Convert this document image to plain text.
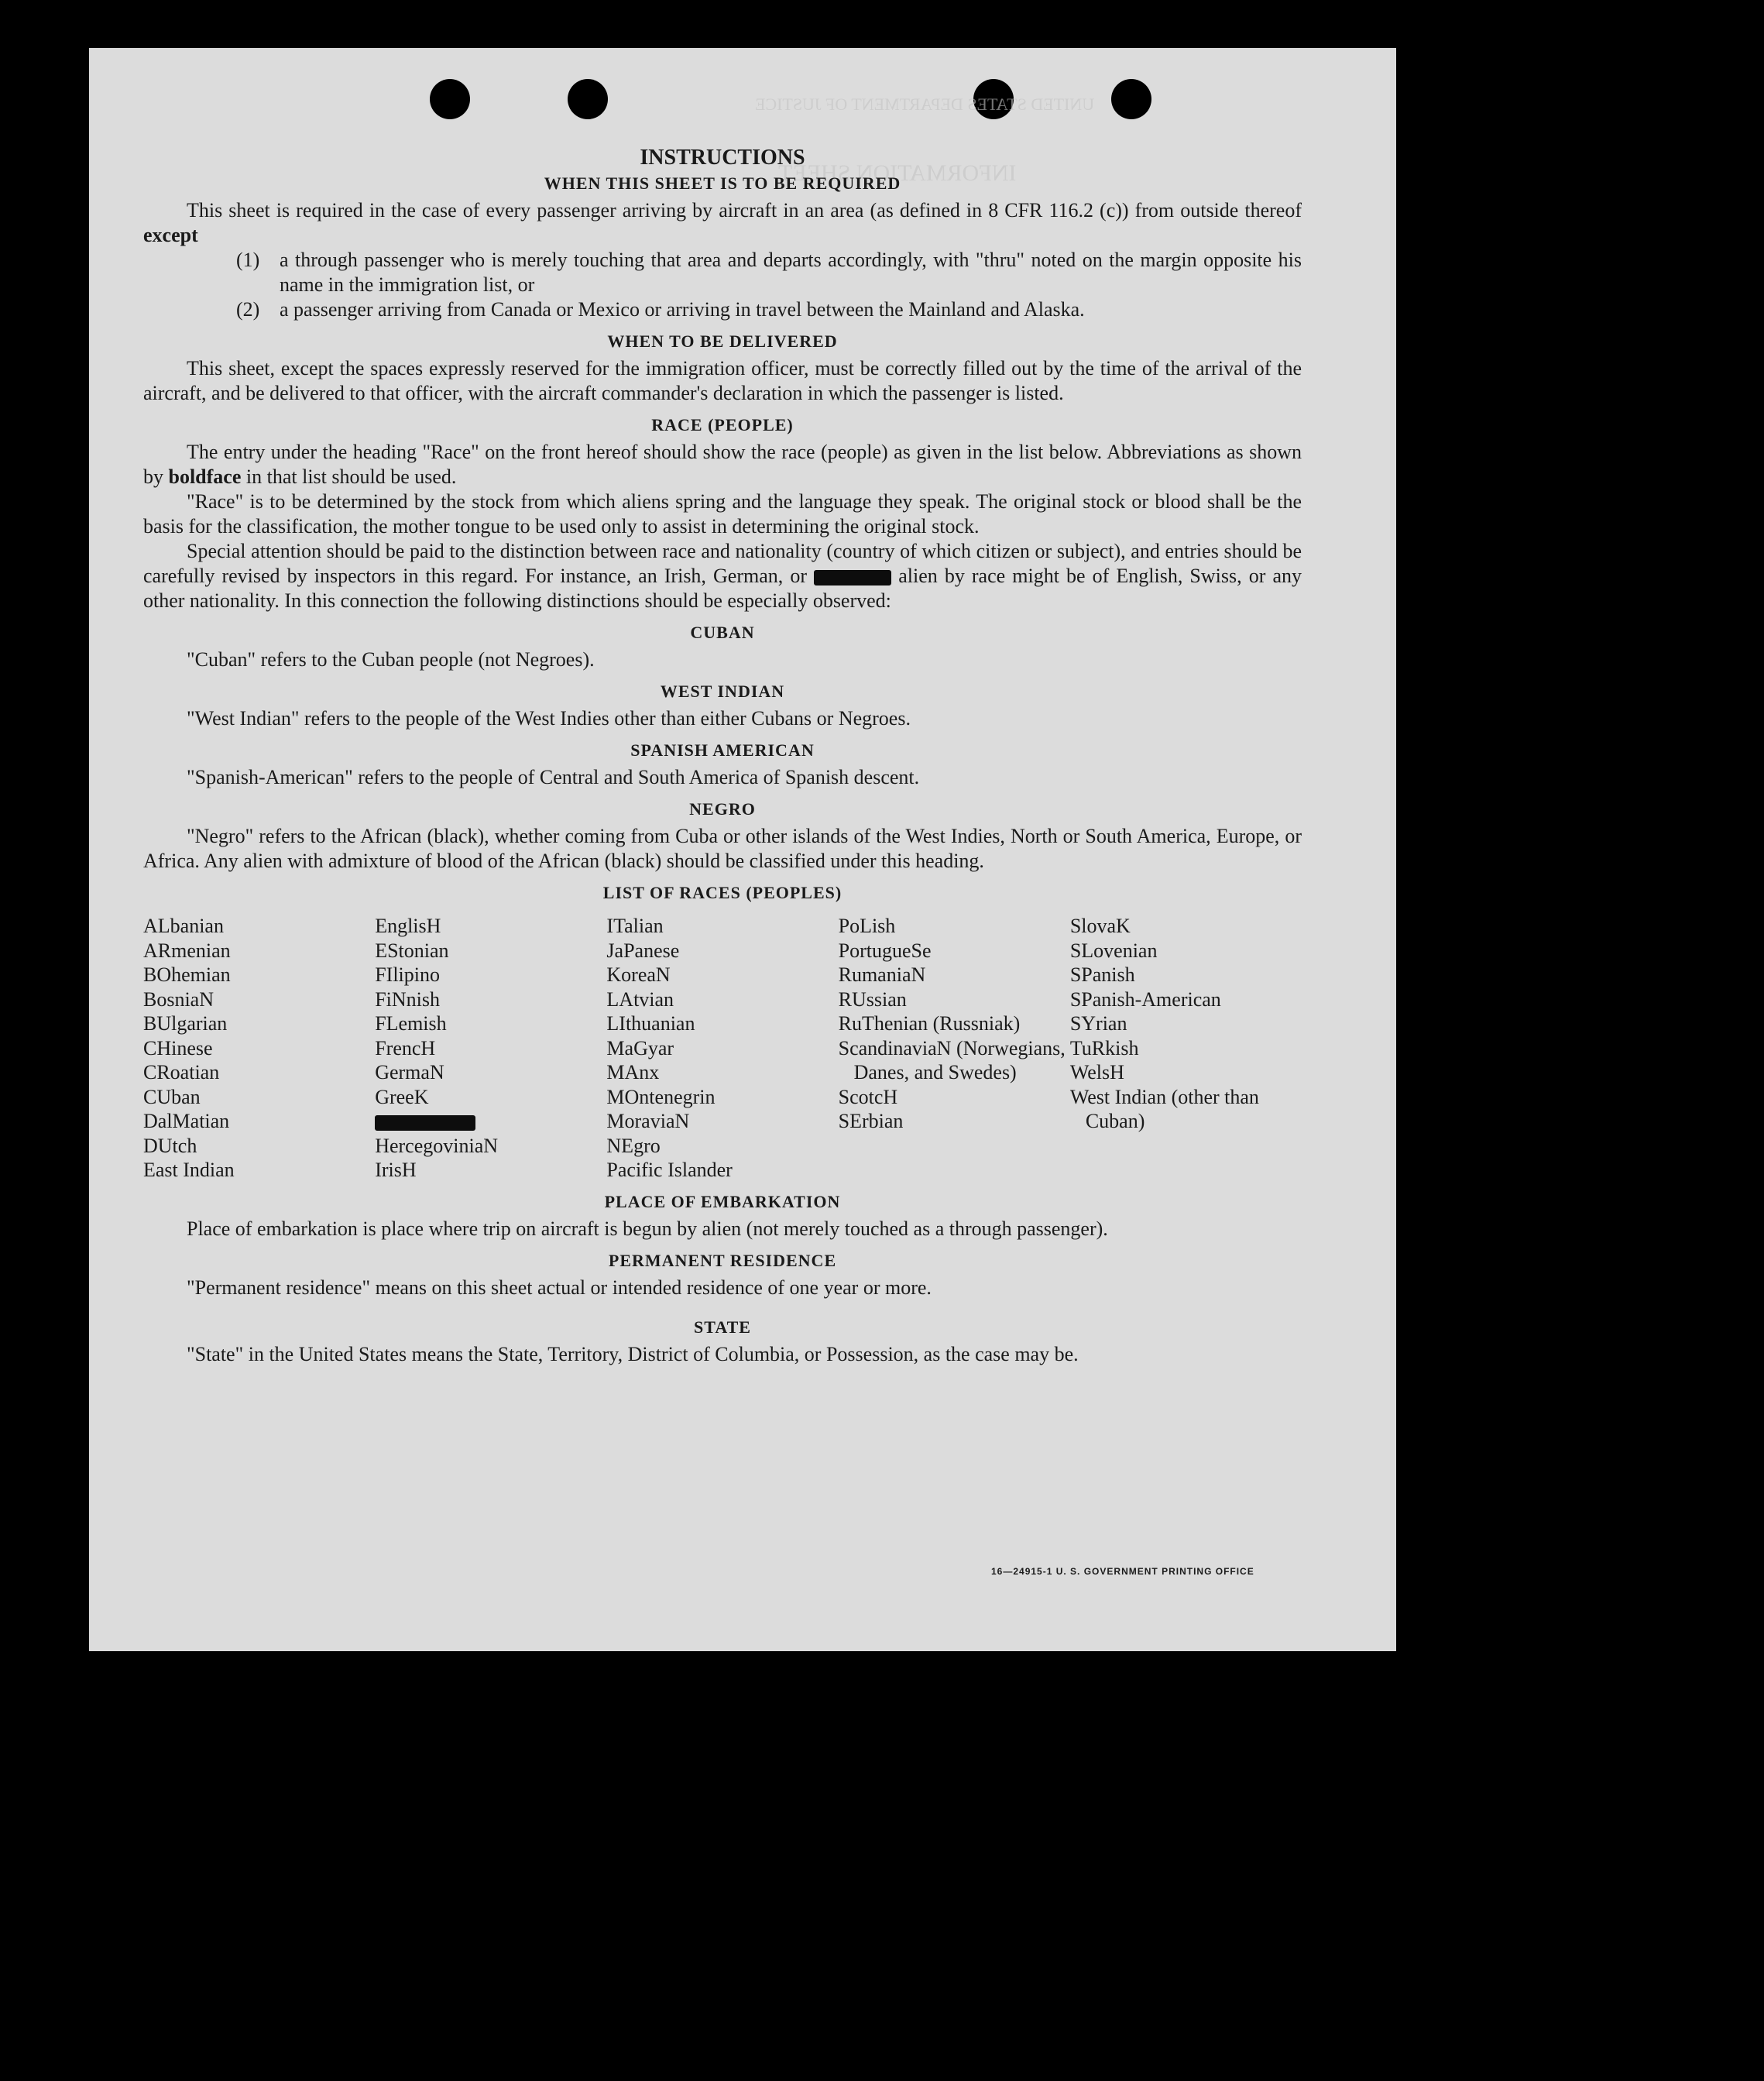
UNITED STATES DEPARTMENT OF JUSTICE
INFORMATION SHEET
INSTRUCTIONS
WHEN THIS SHEET IS TO BE REQUIRED

This sheet is required in the case of every passenger arriving by aircraft in an area (as defined in 8 CFR 116.2 (c)) from outside thereof except

(1) a through passenger who is merely touching that area and departs accordingly, with "thru" noted on the margin opposite his name in the immigration list, or
(2) a passenger arriving from Canada or Mexico or arriving in travel between the Mainland and Alaska.
WHEN TO BE DELIVERED

This sheet, except the spaces expressly reserved for the immigration officer, must be correctly filled out by the time of the arrival of the aircraft, and be delivered to that officer, with the aircraft commander's declaration in which the passenger is listed.

RACE (PEOPLE)

The entry under the heading "Race" on the front hereof should show the race (people) as given in the list below. Abbreviations as shown by boldface in that list should be used.

"Race" is to be determined by the stock from which aliens spring and the language they speak. The original stock or blood shall be the basis for the classification, the mother tongue to be used only to assist in determining the original stock.

Special attention should be paid to the distinction between race and nationality (country of which citizen or subject), and entries should be carefully revised by inspectors in this regard. For instance, an Irish, German, or	alien by race might be of English, Swiss, or any other nationality. In this connection the following distinctions should be especially observed:

CUBAN

"Cuban" refers to the Cuban people (not Negroes).

WEST INDIAN

"West Indian" refers to the people of the West Indies other than either Cubans or Negroes.

SPANISH AMERICAN

"Spanish-American" refers to the people of Central and South America of Spanish descent.

NEGRO

"Negro" refers to the African (black), whether coming from Cuba or other islands of the West Indies, North or South America, Europe, or Africa. Any alien with admixture of blood of the African (black) should be classified under this heading.

LIST OF RACES (PEOPLES)
ALbanian
ARmenian
BOhemian
BosniaN
BUlgarian
CHinese
CRoatian
CUban
DalMatian
DUtch
East Indian
EnglisH
EStonian
FIlipino
FiNnish
FLemish
FrencH
GermaN
GreeK
HercegoviniaN
IrisH
ITalian
JaPanese
KoreaN
LAtvian
LIthuanian
MaGyar
MAnx
MOntenegrin
MoraviaN
NEgro
Pacific Islander
PoLish
PortugueSe
RumaniaN
RUssian
RuThenian (Russniak)
ScandinaviaN (Norwegians, Danes, and Swedes)
ScotcH
SErbian
SlovaK
SLovenian
SPanish
SPanish-American
SYrian
TuRkish
WelsH
West Indian (other than Cuban)
PLACE OF EMBARKATION

Place of embarkation is place where trip on aircraft is begun by alien (not merely touched as a through passenger).

PERMANENT RESIDENCE

"Permanent residence" means on this sheet actual or intended residence of one year or more.

STATE

"State" in the United States means the State, Territory, District of Columbia, or Possession, as the case may be.

16—24915-1 U. S. GOVERNMENT PRINTING OFFICE
